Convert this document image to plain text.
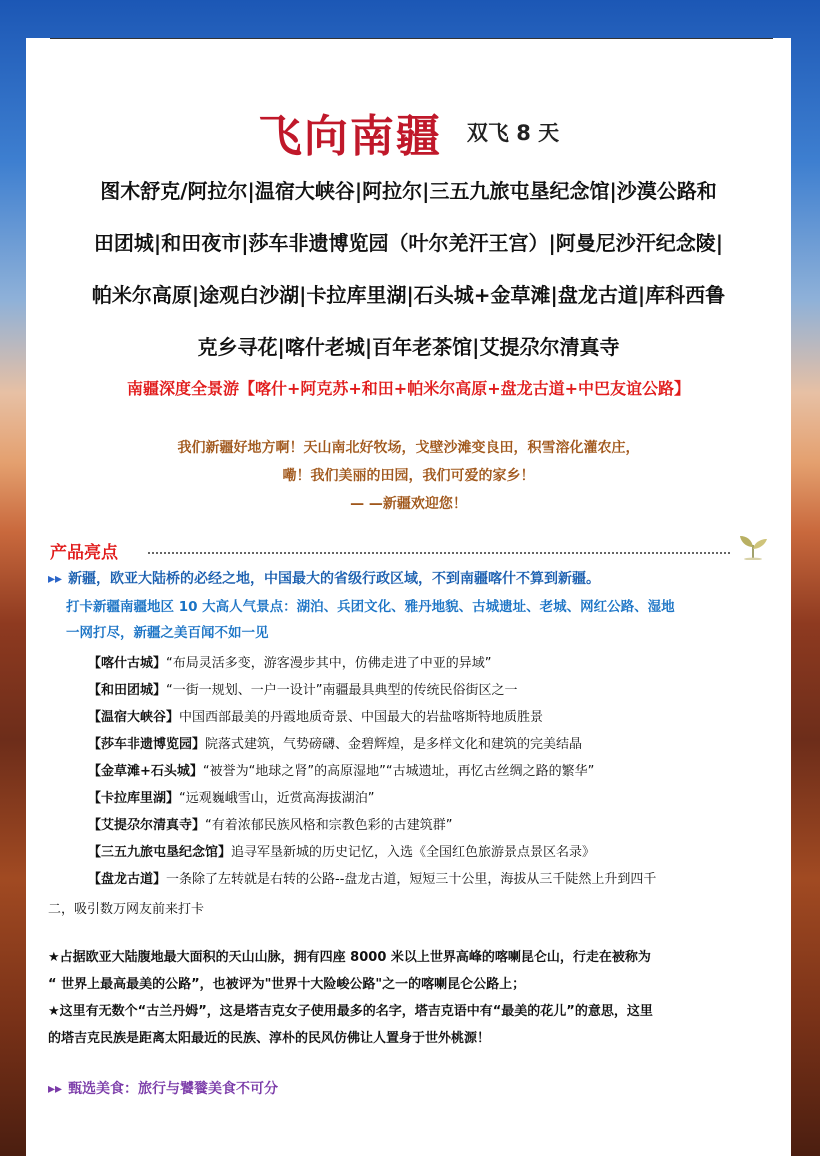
飞向南疆 双飞 8 天
图木舒克/阿拉尔|温宿大峡谷|阿拉尔|三五九旅屯垦纪念馆|沙漠公路和
田团城|和田夜市|莎车非遗博览园（叶尔羌汗王宫）|阿曼尼沙汗纪念陵|
帕米尔高原|途观白沙湖|卡拉库里湖|石头城+金草滩|盘龙古道|库科西鲁
克乡寻花|喀什老城|百年老茶馆|艾提尕尔清真寺
南疆深度全景游【喀什+阿克苏+和田+帕米尔高原+盘龙古道+中巴友谊公路】
我们新疆好地方啊！天山南北好牧场，戈壁沙滩变良田，积雪溶化灌农庄，
嘞！我们美丽的田园，我们可爱的家乡！
— —新疆欢迎您！
产品亮点
▸▸ 新疆，欧亚大陆桥的必经之地，中国最大的省级行政区域，不到南疆喀什不算到新疆。
打卡新疆南疆地区 10 大高人气景点：湖泊、兵团文化、雅丹地貌、古城遗址、老城、网红公路、湿地
一网打尽，新疆之美百闻不如一见
【喀什古城】“布局灵活多变，游客漫步其中，仿佛走进了中亚的异域”
【和田团城】“一街一规划、一户一设计”南疆最具典型的传统民俗街区之一
【温宿大峡谷】中国西部最美的丹霞地质奇景、中国最大的岩盐喀斯特地质胜景
【莎车非遗博览园】院落式建筑，气势磅礴、金碧辉煌，是多样文化和建筑的完美结晶
【金草滩+石头城】“被誉为“地球之肾”的高原湿地”“古城遗址，再忆古丝绸之路的繁华”
【卡拉库里湖】“远观巍峨雪山，近赏高海拔湖泊”
【艾提尕尔清真寺】“有着浓郁民族风格和宗教色彩的古建筑群”
【三五九旅屯垦纪念馆】追寻军垦新城的历史记忆，入选《全国红色旅游景点景区名录》
【盘龙古道】一条除了左转就是右转的公路--盘龙古道，短短三十公里，海拔从三千陡然上升到四千
二，吸引数万网友前来打卡
★占据欧亚大陆腹地最大面积的天山山脉，拥有四座 8000 米以上世界高峰的喀喇昆仑山，行走在被称为
“ 世界上最高最美的公路”，也被评为"世界十大险峻公路"之一的喀喇昆仑公路上；
★这里有无数个“古兰丹姆”，这是塔吉克女子使用最多的名字，塔吉克语中有“最美的花儿”的意思，这里
的塔吉克民族是距离太阳最近的民族、淳朴的民风仿佛让人置身于世外桃源！
▸▸ 甄选美食：旅行与饕餮美食不可分
